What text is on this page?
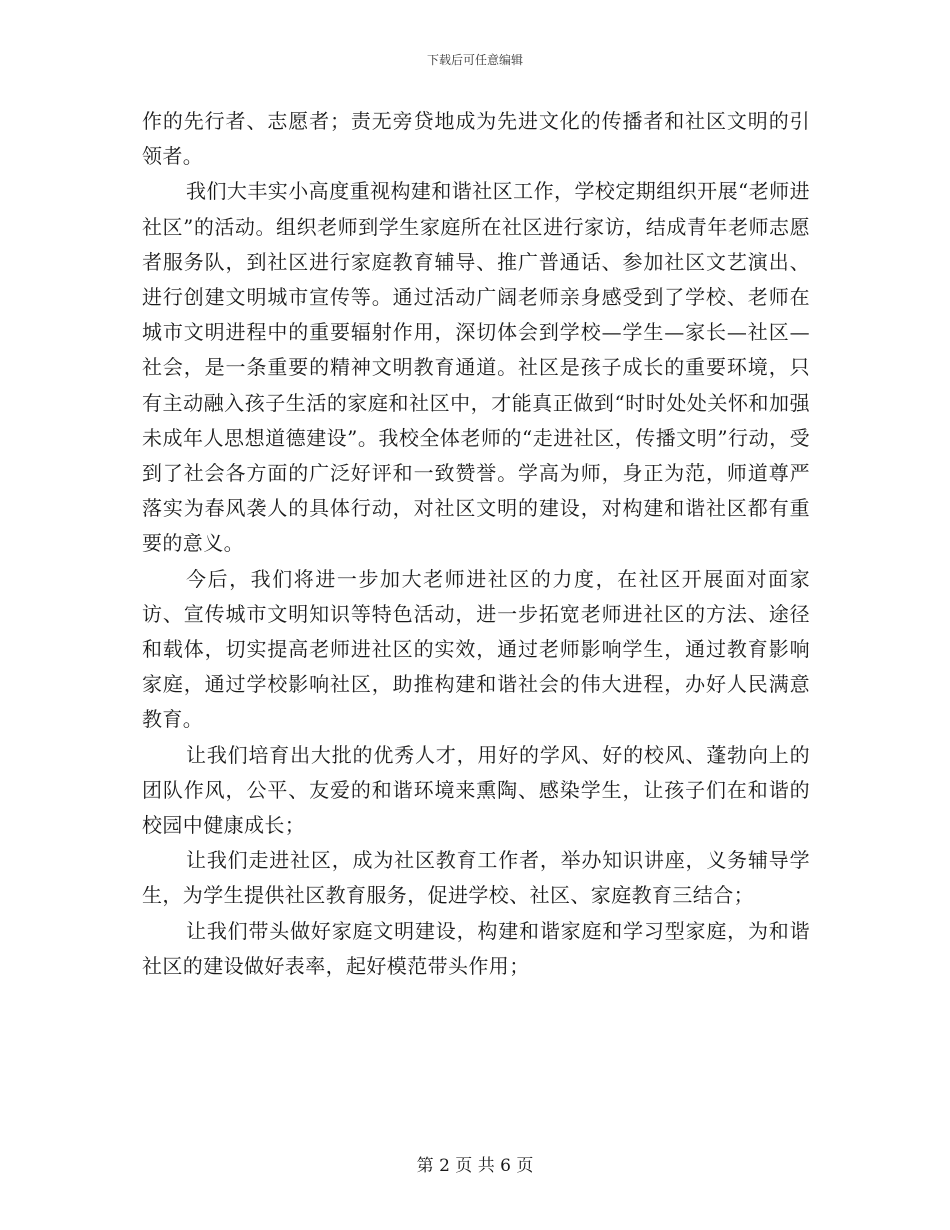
下载后可任意编辑

作的先行者、志愿者；责无旁贷地成为先进文化的传播者和社区文明的引领者。

我们大丰实小高度重视构建和谐社区工作，学校定期组织开展“老师进社区”的活动。组织老师到学生家庭所在社区进行家访，结成青年老师志愿者服务队，到社区进行家庭教育辅导、推广普通话、参加社区文艺演出、进行创建文明城市宣传等。通过活动广阔老师亲身感受到了学校、老师在城市文明进程中的重要辐射作用，深切体会到学校—学生—家长—社区—社会，是一条重要的精神文明教育通道。社区是孩子成长的重要环境，只有主动融入孩子生活的家庭和社区中，才能真正做到“时时处处关怀和加强未成年人思想道德建设”。我校全体老师的“走进社区，传播文明”行动，受到了社会各方面的广泛好评和一致赞誉。学高为师，身正为范，师道尊严落实为春风袭人的具体行动，对社区文明的建设，对构建和谐社区都有重要的意义。

今后，我们将进一步加大老师进社区的力度，在社区开展面对面家访、宣传城市文明知识等特色活动，进一步拓宽老师进社区的方法、途径和载体，切实提高老师进社区的实效，通过老师影响学生，通过教育影响家庭，通过学校影响社区，助推构建和谐社会的伟大进程，办好人民满意教育。

让我们培育出大批的优秀人才，用好的学风、好的校风、蓬勃向上的团队作风，公平、友爱的和谐环境来熏陶、感染学生，让孩子们在和谐的校园中健康成长；

让我们走进社区，成为社区教育工作者，举办知识讲座，义务辅导学生，为学生提供社区教育服务，促进学校、社区、家庭教育三结合；

让我们带头做好家庭文明建设，构建和谐家庭和学习型家庭，为和谐社区的建设做好表率，起好模范带头作用；

第 2 页 共 6 页
